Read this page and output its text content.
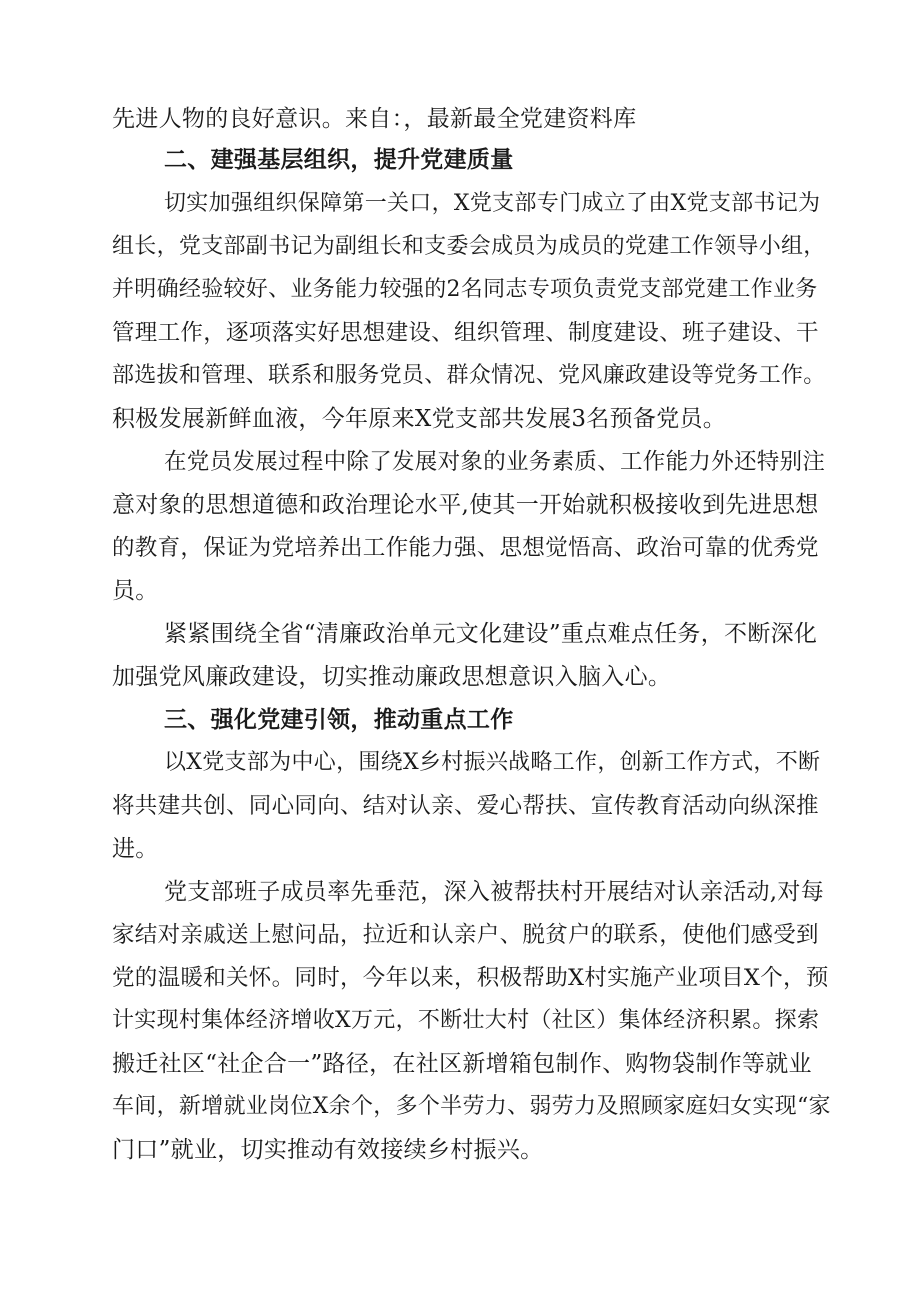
先进人物的良好意识。来自：，最新最全党建资料库
二、建强基层组织，提升党建质量
切实加强组织保障第一关口，X党支部专门成立了由X党支部书记为
组长，党支部副书记为副组长和支委会成员为成员的党建工作领导小组，
并明确经验较好、业务能力较强的2名同志专项负责党支部党建工作业务
管理工作，逐项落实好思想建设、组织管理、制度建设、班子建设、干
部选拔和管理、联系和服务党员、群众情况、党风廉政建设等党务工作。
积极发展新鲜血液，今年原来X党支部共发展3名预备党员。
在党员发展过程中除了发展对象的业务素质、工作能力外还特别注
意对象的思想道德和政治理论水平,使其一开始就积极接收到先进思想
的教育，保证为党培养出工作能力强、思想觉悟高、政治可靠的优秀党
员。
紧紧围绕全省“清廉政治单元文化建设”重点难点任务，不断深化
加强党风廉政建设，切实推动廉政思想意识入脑入心。
三、强化党建引领，推动重点工作
以X党支部为中心，围绕X乡村振兴战略工作，创新工作方式，不断
将共建共创、同心同向、结对认亲、爱心帮扶、宣传教育活动向纵深推
进。
党支部班子成员率先垂范，深入被帮扶村开展结对认亲活动,对每
家结对亲戚送上慰问品，拉近和认亲户、脱贫户的联系，使他们感受到
党的温暖和关怀。同时，今年以来，积极帮助X村实施产业项目X个，预
计实现村集体经济增收X万元，不断壮大村（社区）集体经济积累。探索
搬迁社区“社企合一”路径，在社区新增箱包制作、购物袋制作等就业
车间，新增就业岗位X余个，多个半劳力、弱劳力及照顾家庭妇女实现“家
门口”就业，切实推动有效接续乡村振兴。
